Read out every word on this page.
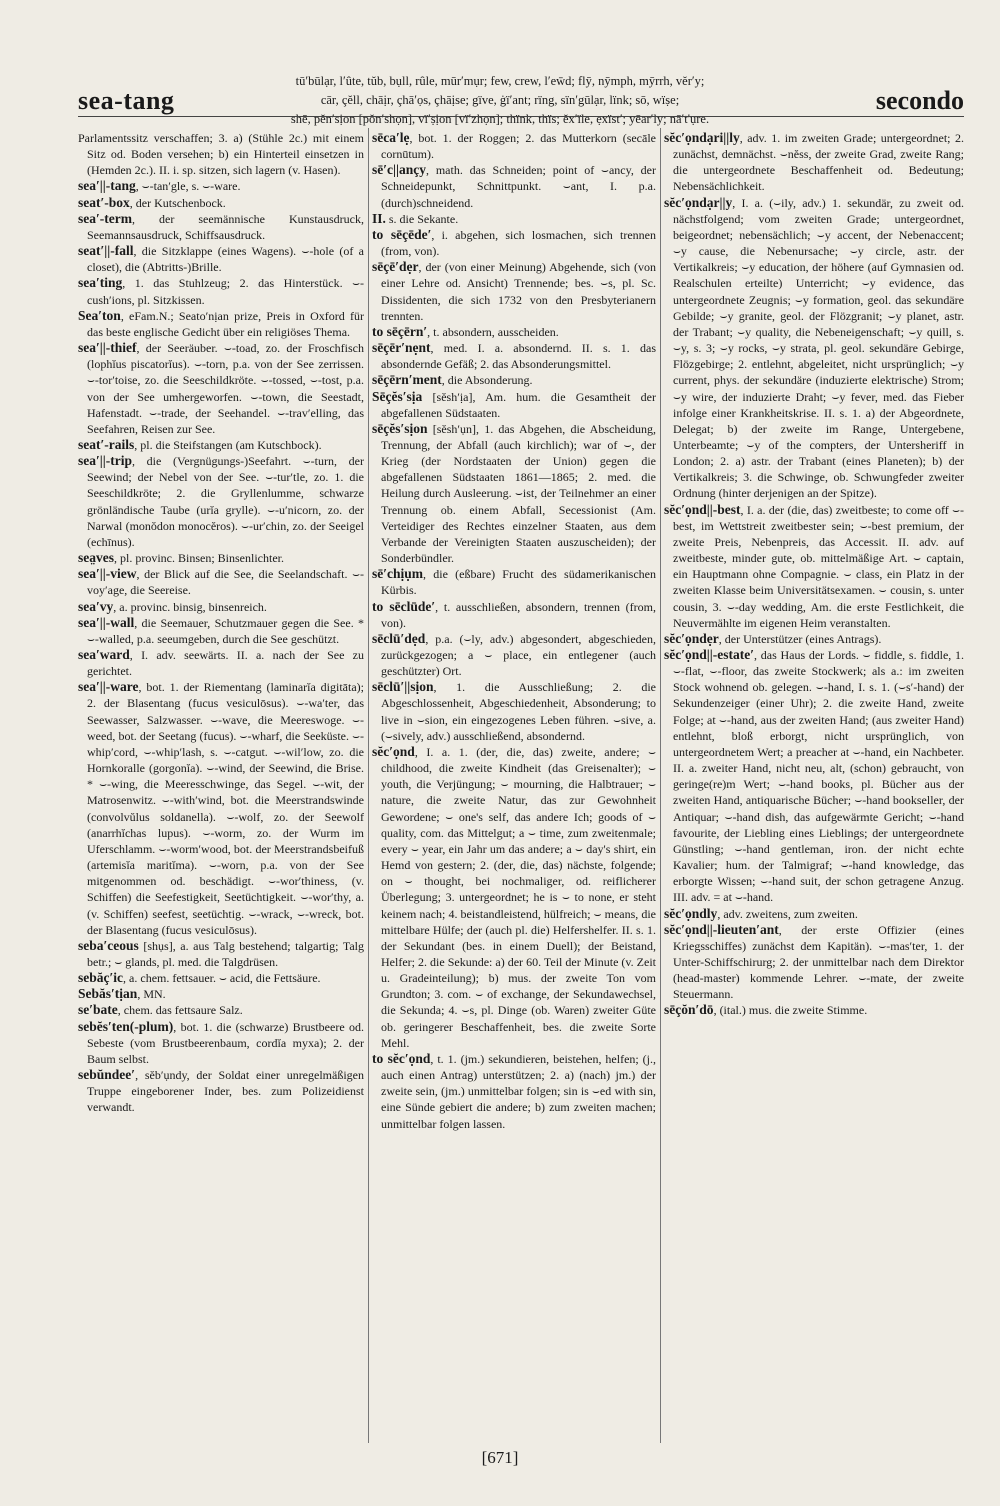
sea-tang
tū′būlạr, l′ûte, tŭb, bụll, rûle, mūr′mụr; few, crew, l′ew̄d; flȳ, nȳmph, mȳrrh, vĕr′y;
cār, çĕll, chāịr, çhā′ọs, çhāịse; gïve, ġï′ant; rïng, sïn′gūlạr, lïnk; sō, wïṣe;
shē, pĕn′sịon [pŏn′shọn], vï′ṣịon [vï′zhọn]; thïnk, thïs; ĕx′ïle, ẹxïst′; yēar′ly; nā′t'ụre.
secondo

Parlamentssitz verschaffen; 3. a) (Stühle 2c.) mit einem Sitz od. Boden versehen; b) ein Hinterteil einsetzen in (Hemden 2c.). II. i. sp. sitzen, sich lagern (v. Hasen).

sea′||-tang, ⌣-tan′gle, s. ⌣-ware.

seat′-box, der Kutschenbock.

sea′-term, der seemännische Kunstausdruck, Seemannsausdruck, Schiffsausdruck.

seat′||-fall, die Sitzklappe (eines Wagens). ⌣-hole (of a closet), die (Abtritts-)Brille.

sea′ting, 1. das Stuhlzeug; 2. das Hinterstück. ⌣-cush′ions, pl. Sitzkissen.

Sea′ton, eFam.N.; Seato′nịan prize, Preis in Oxford für das beste englische Gedicht über ein religiöses Thema.

sea′||-thief, der Seeräuber. ⌣-toad, zo. der Froschfisch (lophĭus piscatorĭus). ⌣-torn, p.a. von der See zerrissen. ⌣-tor′toise, zo. die Seeschildkröte. ⌣-tossed, ⌣-tost, p.a. von der See umhergeworfen. ⌣-town, die Seestadt, Hafenstadt. ⌣-trade, der Seehandel. ⌣-trav′elling, das Seefahren, Reisen zur See.

seat′-rails, pl. die Steifstangen (am Kutschbock).

sea′||-trip, die (Vergnügungs-)Seefahrt. ⌣-turn, der Seewind; der Nebel von der See. ⌣-tur′tle, zo. 1. die Seeschildkröte; 2. die Gryllenlumme, schwarze grönländische Taube (urĭa grylle). ⌣-u′nicorn, zo. der Narwal (monŏdon monocĕros). ⌣-ur′chin, zo. der Seeigel (echīnus).

sea̤ves, pl. provinc. Binsen; Binsenlichter.

sea′||-view, der Blick auf die See, die Seelandschaft. ⌣-voy′age, die Seereise.

sea′vy, a. provinc. binsig, binsenreich.

sea′||-wall, die Seemauer, Schutzmauer gegen die See. * ⌣-walled, p.a. seeumgeben, durch die See geschützt.

sea′ward, I. adv. seewärts. II. a. nach der See zu gerichtet.

sea′||-ware, bot. 1. der Riementang (laminarĭa digitāta); 2. der Blasentang (fucus vesiculōsus). ⌣-wa′ter, das Seewasser, Salzwasser. ⌣-wave, die Meereswoge. ⌣-weed, bot. der Seetang (fucus). ⌣-wharf, die Seeküste. ⌣-whip′cord, ⌣-whip′lash, s. ⌣-catgut. ⌣-wil′low, zo. die Hornkoralle (gorgonĭa). ⌣-wind, der Seewind, die Brise. * ⌣-wing, die Meeresschwinge, das Segel. ⌣-wit, der Matrosenwitz. ⌣-with′wind, bot. die Meerstrandswinde (convolvŭlus soldanella). ⌣-wolf, zo. der Seewolf (anarrhĭchas lupus). ⌣-worm, zo. der Wurm im Uferschlamm. ⌣-worm′wood, bot. der Meerstrandsbeifuß (artemisĭa maritĭma). ⌣-worn, p.a. von der See mitgenommen od. beschädigt. ⌣-wor′thiness, (v. Schiffen) die Seefestigkeit, Seetüchtigkeit. ⌣-wor′thy, a. (v. Schiffen) seefest, seetüchtig. ⌣-wrack, ⌣-wreck, bot. der Blasentang (fucus vesiculōsus).

seba′ceous [shụs], a. aus Talg bestehend; talgartig; Talg betr.; ⌣ glands, pl. med. die Talgdrüsen.

sebăç′ic, a. chem. fettsauer. ⌣ acid, die Fettsäure.

Sebăs′tịan, MN.

se′bate, chem. das fettsaure Salz.

sebĕs′ten(-plum), bot. 1. die (schwarze) Brustbeere od. Sebeste (vom Brustbeerenbaum, cordĭa myxa); 2. der Baum selbst.

sebŭndee′, sĕb′ụndy, der Soldat einer unregelmäßigen Truppe eingeborener Inder, bes. zum Polizeidienst verwandt.

sēca′lẹ, bot. 1. der Roggen; 2. das Mutterkorn (secāle cornūtum).

sē′c||ançy, math. das Schneiden; point of ⌣ancy, der Schneidepunkt, Schnittpunkt. ⌣ant, I. p.a. (durch)schneidend.

II. s. die Sekante.

to sēçēde′, i. abgehen, sich losmachen, sich trennen (from, von).

sēçē′dẹr, der (von einer Meinung) Abgehende, sich (von einer Lehre od. Ansicht) Trennende; bes. ⌣s, pl. Sc. Dissidenten, die sich 1732 von den Presbyterianern trennten.

to sēçērn′, t. absondern, ausscheiden.

sēçēr′nẹnt, med. I. a. absondernd. II. s. 1. das absondernde Gefäß; 2. das Absonderungsmittel.

sēçērn′ment, die Absonderung.

Sēçĕs′sịa [sĕsh′ịa], Am. hum. die Gesamtheit der abgefallenen Südstaaten.

sēçĕs′sịon [sĕsh′ụn], 1. das Abgehen, die Abscheidung, Trennung, der Abfall (auch kirchlich); war of ⌣, der Krieg (der Nordstaaten der Union) gegen die abgefallenen Südstaaten 1861—1865; 2. med. die Heilung durch Ausleerung. ⌣ist, der Teilnehmer an einer Trennung ob. einem Abfall, Secessionist (Am. Verteidiger des Rechtes einzelner Staaten, aus dem Verbande der Vereinigten Staaten auszuscheiden); der Sonderbündler.

sē′chịụm, die (eßbare) Frucht des südamerikanischen Kürbis.

to sēclūde′, t. ausschließen, absondern, trennen (from, von).

sēclū′dẹd, p.a. (⌣ly, adv.) abgesondert, abgeschieden, zurückgezogen; a ⌣ place, ein entlegener (auch geschützter) Ort.

sēclū′||sịon, 1. die Ausschließung; 2. die Abgeschlossenheit, Abgeschiedenheit, Absonderung; to live in ⌣sion, ein eingezogenes Leben führen. ⌣sive, a. (⌣sively, adv.) ausschließend, absondernd.

sĕc′ọnd, I. a. 1. (der, die, das) zweite, andere; ⌣ childhood, die zweite Kindheit (das Greisenalter); ⌣ youth, die Verjüngung; ⌣ mourning, die Halbtrauer; ⌣ nature, die zweite Natur, das zur Gewohnheit Gewordene; ⌣ one's self, das andere Ich; goods of ⌣ quality, com. das Mittelgut; a ⌣ time, zum zweitenmale; every ⌣ year, ein Jahr um das andere; a ⌣ day's shirt, ein Hemd von gestern; 2. (der, die, das) nächste, folgende; on ⌣ thought, bei nochmaliger, od. reiflicherer Überlegung; 3. untergeordnet; he is ⌣ to none, er steht keinem nach; 4. beistandleistend, hülfreich; ⌣ means, die mittelbare Hülfe; der (auch pl. die) Helfershelfer. II. s. 1. der Sekundant (bes. in einem Duell); der Beistand, Helfer; 2. die Sekunde: a) der 60. Teil der Minute (v. Zeit u. Gradeinteilung); b) mus. der zweite Ton vom Grundton; 3. com. ⌣ of exchange, der Sekundawechsel, die Sekunda; 4. ⌣s, pl. Dinge (ob. Waren) zweiter Güte ob. geringerer Beschaffenheit, bes. die zweite Sorte Mehl.

to sĕc′ọnd, t. 1. (jm.) sekundieren, beistehen, helfen; (j., auch einen Antrag) unterstützen; 2. a) (nach) jm.) der zweite sein, (jm.) unmittelbar folgen; sin is ⌣ed with sin, eine Sünde gebiert die andere; b) zum zweiten machen; unmittelbar folgen lassen.

sĕc′ọndạri||ly, adv. 1. im zweiten Grade; untergeordnet; 2. zunächst, demnächst. ⌣nĕss, der zweite Grad, zweite Rang; die untergeordnete Beschaffenheit od. Bedeutung; Nebensächlichkeit.

sĕc′ọndạr||y, I. a. (⌣ily, adv.) 1. sekundär, zu zweit od. nächstfolgend; vom zweiten Grade; untergeordnet, beigeordnet; nebensächlich; ⌣y accent, der Nebenaccent; ⌣y cause, die Nebenursache; ⌣y circle, astr. der Vertikalkreis; ⌣y education, der höhere (auf Gymnasien od. Realschulen erteilte) Unterricht; ⌣y evidence, das untergeordnete Zeugnis; ⌣y formation, geol. das sekundäre Gebilde; ⌣y granite, geol. der Flözgranit; ⌣y planet, astr. der Trabant; ⌣y quality, die Nebeneigenschaft; ⌣y quill, s. ⌣y, s. 3; ⌣y rocks, ⌣y strata, pl. geol. sekundäre Gebirge, Flözgebirge; 2. entlehnt, abgeleitet, nicht ursprünglich; ⌣y current, phys. der sekundäre (induzierte elektrische) Strom; ⌣y wire, der induzierte Draht; ⌣y fever, med. das Fieber infolge einer Krankheitskrise. II. s. 1. a) der Abgeordnete, Delegat; b) der zweite im Range, Untergebene, Unterbeamte; ⌣y of the compters, der Untersheriff in London; 2. a) astr. der Trabant (eines Planeten); b) der Vertikalkreis; 3. die Schwinge, ob. Schwungfeder zweiter Ordnung (hinter derjenigen an der Spitze).

sĕc′ọnd||-best, I. a. der (die, das) zweitbeste; to come off ⌣-best, im Wettstreit zweitbester sein; ⌣-best premium, der zweite Preis, Nebenpreis, das Accessit. II. adv. auf zweitbeste, minder gute, ob. mittelmäßige Art. ⌣ captain, ein Hauptmann ohne Compagnie. ⌣ class, ein Platz in der zweiten Klasse beim Universitätsexamen. ⌣ cousin, s. unter cousin, 3. ⌣-day wedding, Am. die erste Festlichkeit, die Neuvermählte im eigenen Heim veranstalten.

sĕc′ọndẹr, der Unterstützer (eines Antrags).

sĕc′ọnd||-estate′, das Haus der Lords. ⌣ fiddle, s. fiddle, 1. ⌣-flat, ⌣-floor, das zweite Stockwerk; als a.: im zweiten Stock wohnend ob. gelegen. ⌣-hand, I. s. 1. (⌣s′-hand) der Sekundenzeiger (einer Uhr); 2. die zweite Hand, zweite Folge; at ⌣-hand, aus der zweiten Hand; (aus zweiter Hand) entlehnt, bloß erborgt, nicht ursprünglich, von untergeordnetem Wert; a preacher at ⌣-hand, ein Nachbeter. II. a. zweiter Hand, nicht neu, alt, (schon) gebraucht, von geringe(re)m Wert; ⌣-hand books, pl. Bücher aus der zweiten Hand, antiquarische Bücher; ⌣-hand bookseller, der Antiquar; ⌣-hand dish, das aufgewärmte Gericht; ⌣-hand favourite, der Liebling eines Lieblings; der untergeordnete Günstling; ⌣-hand gentleman, iron. der nicht echte Kavalier; hum. der Talmigraf; ⌣-hand knowledge, das erborgte Wissen; ⌣-hand suit, der schon getragene Anzug. III. adv. = at ⌣-hand.

sĕc′ọndly, adv. zweitens, zum zweiten.

sĕc′ọnd||-lieuten′ant, der erste Offizier (eines Kriegsschiffes) zunächst dem Kapitän). ⌣-mas′ter, 1. der Unter-Schiffschirurg; 2. der unmittelbar nach dem Direktor (head-master) kommende Lehrer. ⌣-mate, der zweite Steuermann.

sēçŏn′dō, (ital.) mus. die zweite Stimme.

[671]
